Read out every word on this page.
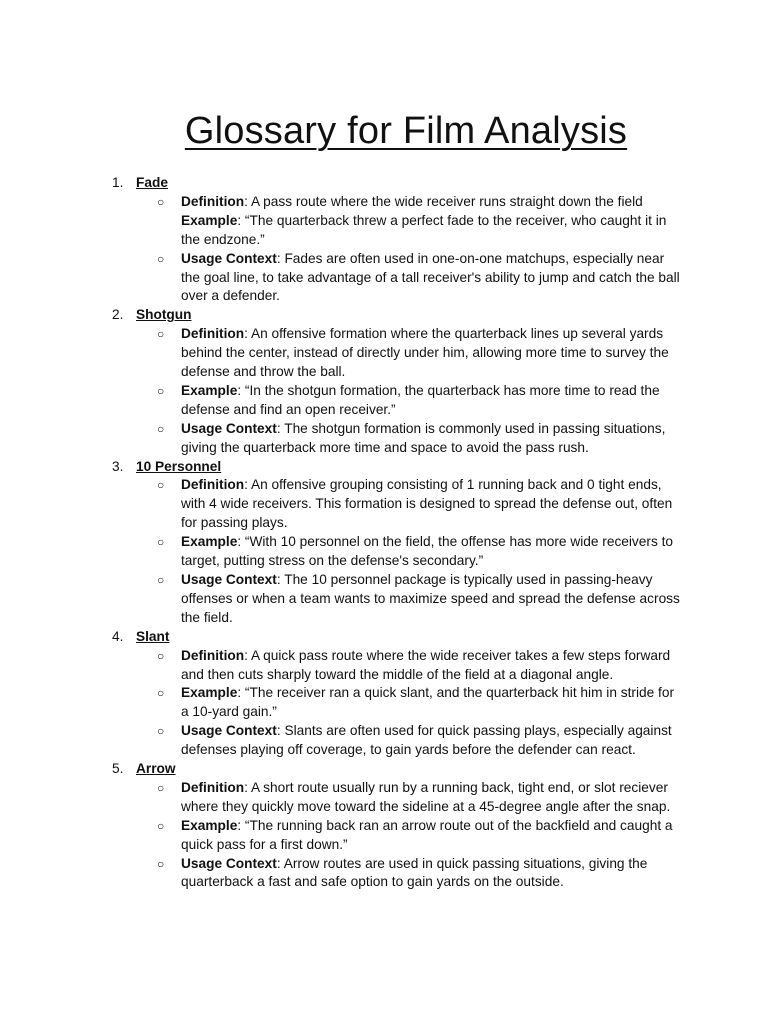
Glossary for Film Analysis
1. Fade
○ Definition: A pass route where the wide receiver runs straight down the field
Example: “The quarterback threw a perfect fade to the receiver, who caught it in the endzone.”
○ Usage Context: Fades are often used in one-on-one matchups, especially near the goal line, to take advantage of a tall receiver's ability to jump and catch the ball over a defender.
2. Shotgun
○ Definition: An offensive formation where the quarterback lines up several yards behind the center, instead of directly under him, allowing more time to survey the defense and throw the ball.
○ Example: “In the shotgun formation, the quarterback has more time to read the defense and find an open receiver.”
○ Usage Context: The shotgun formation is commonly used in passing situations, giving the quarterback more time and space to avoid the pass rush.
3. 10 Personnel
○ Definition: An offensive grouping consisting of 1 running back and 0 tight ends, with 4 wide receivers. This formation is designed to spread the defense out, often for passing plays.
○ Example: “With 10 personnel on the field, the offense has more wide receivers to target, putting stress on the defense's secondary.”
○ Usage Context: The 10 personnel package is typically used in passing-heavy offenses or when a team wants to maximize speed and spread the defense across the field.
4. Slant
○ Definition: A quick pass route where the wide receiver takes a few steps forward and then cuts sharply toward the middle of the field at a diagonal angle.
○ Example: “The receiver ran a quick slant, and the quarterback hit him in stride for a 10-yard gain.”
○ Usage Context: Slants are often used for quick passing plays, especially against defenses playing off coverage, to gain yards before the defender can react.
5. Arrow
○ Definition: A short route usually run by a running back, tight end, or slot reciever where they quickly move toward the sideline at a 45-degree angle after the snap.
○ Example: “The running back ran an arrow route out of the backfield and caught a quick pass for a first down.”
○ Usage Context: Arrow routes are used in quick passing situations, giving the quarterback a fast and safe option to gain yards on the outside.
